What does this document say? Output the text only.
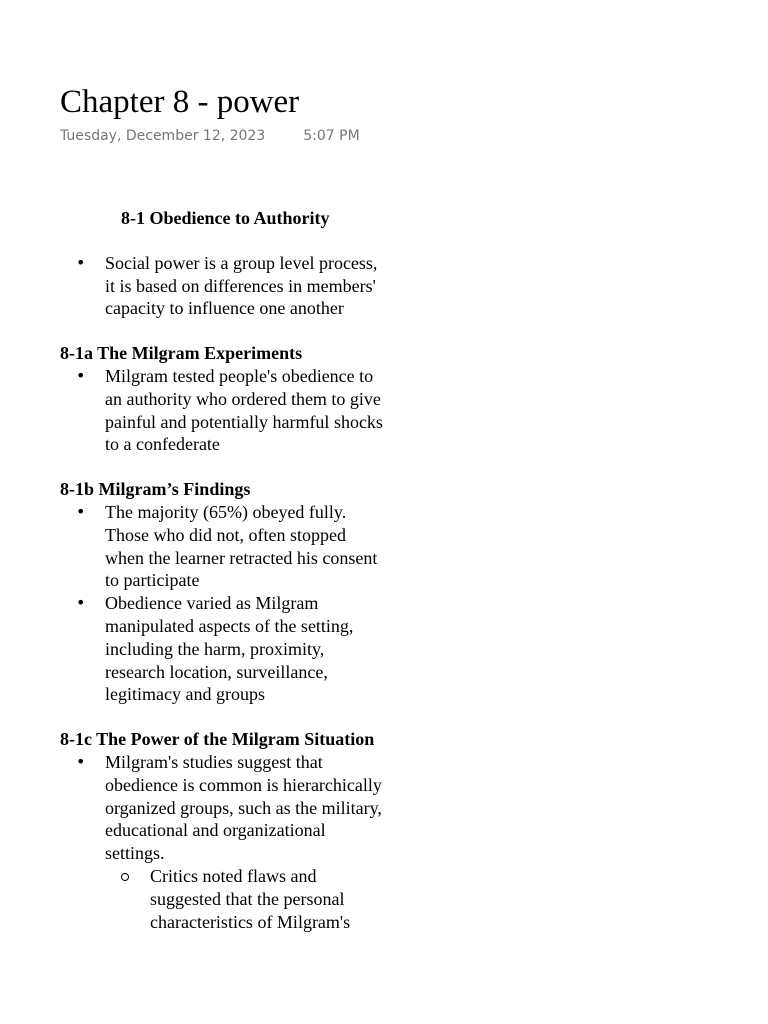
Chapter 8 - power
Tuesday, December 12, 2023	5:07 PM
8-1 Obedience to Authority
• Social power is a group level process,
it is based on differences in members'
capacity to influence one another
8-1a The Milgram Experiments
• Milgram tested people's obedience to
an authority who ordered them to give
painful and potentially harmful shocks
to a confederate
8-1b Milgram’s Findings
• The majority (65%) obeyed fully.
Those who did not, often stopped
when the learner retracted his consent
to participate
• Obedience varied as Milgram
manipulated aspects of the setting,
including the harm, proximity,
research location, surveillance,
legitimacy and groups
8-1c The Power of the Milgram Situation
• Milgram's studies suggest that
obedience is common is hierarchically
organized groups, such as the military,
educational and organizational
settings.
Critics noted flaws and
suggested that the personal
characteristics of Milgram's
